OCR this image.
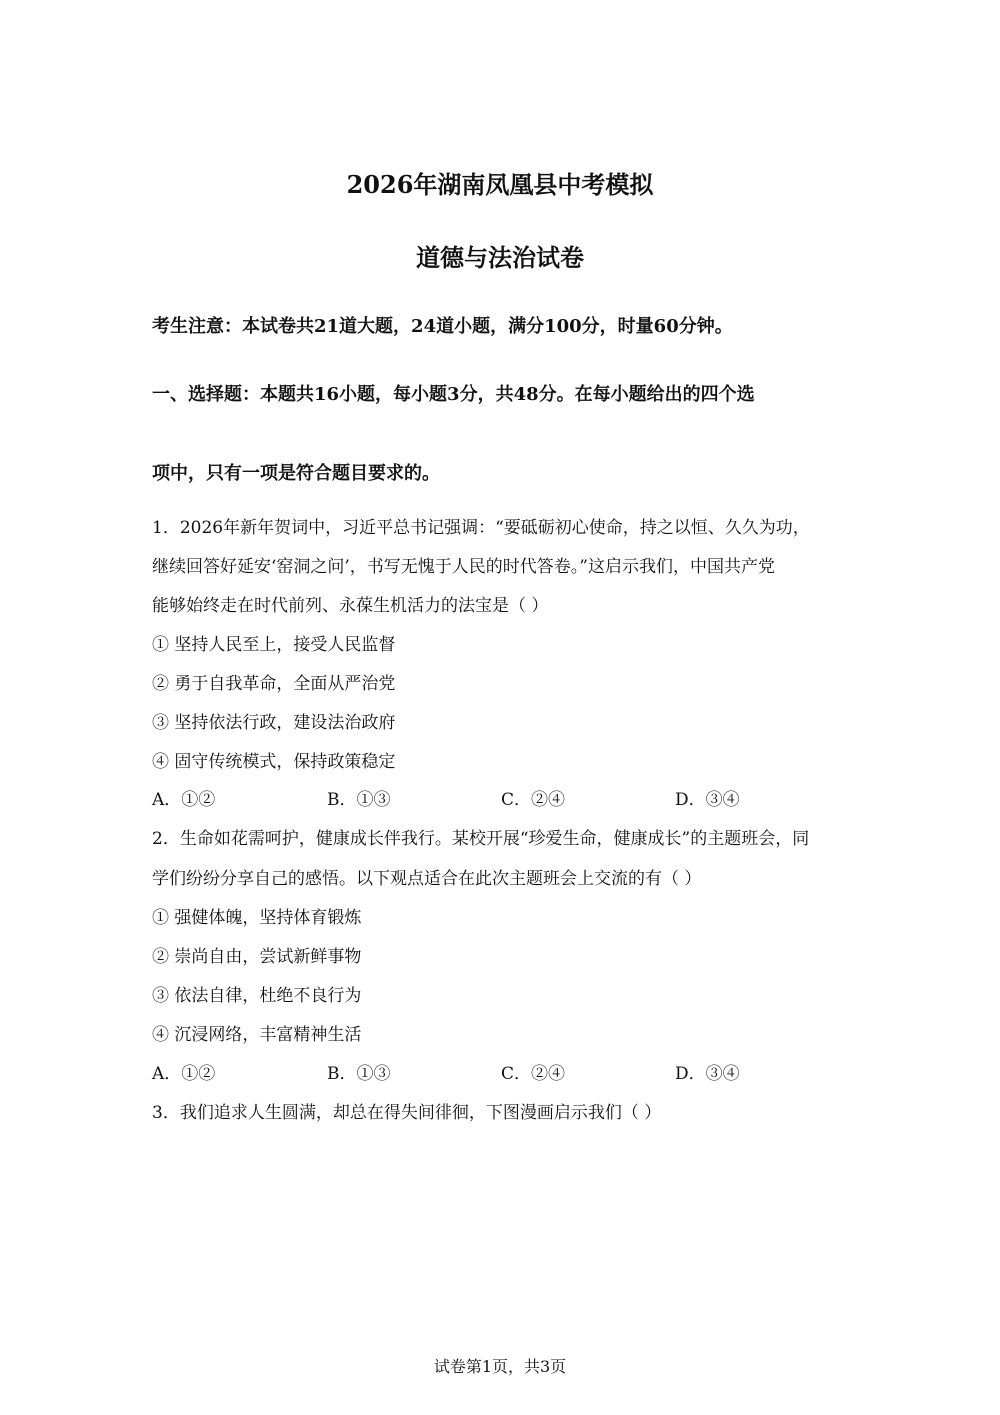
2026年湖南凤凰县中考模拟
道德与法治试卷
考生注意：本试卷共21道大题，24道小题，满分100分，时量60分钟。
一、选择题：本题共16小题，每小题3分，共48分。在每小题给出的四个选
项中，只有一项是符合题目要求的。
1．2026年新年贺词中，习近平总书记强调：“要砥砺初心使命，持之以恒、久久为功，
继续回答好延安‘窑洞之问’，书写无愧于人民的时代答卷。”这启示我们，中国共产党
能够始终走在时代前列、永葆生机活力的法宝是（ ）
① 坚持人民至上，接受人民监督
② 勇于自我革命，全面从严治党
③ 坚持依法行政，建设法治政府
④ 固守传统模式，保持政策稳定
A．①②	B．①③	C．②④	D．③④
2．生命如花需呵护，健康成长伴我行。某校开展“珍爱生命，健康成长”的主题班会，同
学们纷纷分享自己的感悟。以下观点适合在此次主题班会上交流的有（ ）
① 强健体魄，坚持体育锻炼
② 崇尚自由，尝试新鲜事物
③ 依法自律，杜绝不良行为
④ 沉浸网络，丰富精神生活
A．①②	B．①③	C．②④	D．③④
3．我们追求人生圆满，却总在得失间徘徊，下图漫画启示我们（ ）
试卷第1页，共3页
